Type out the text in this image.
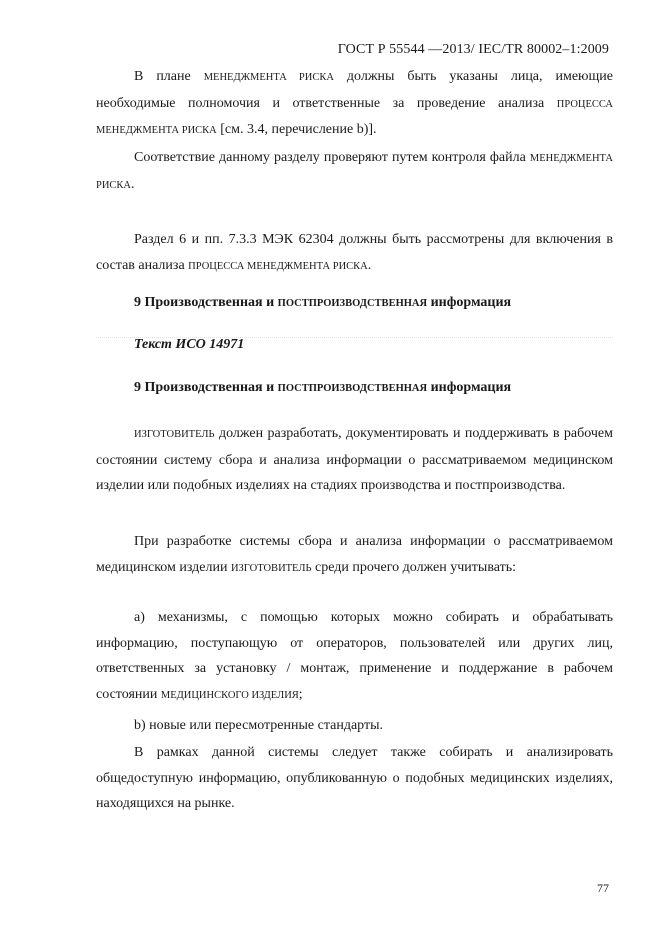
ГОСТ Р 55544 —2013/ IEC/TR 80002–1:2009

В плане МЕНЕДЖМЕНТА РИСКА должны быть указаны лица, имеющие необходимые полномочия и ответственные за проведение анализа ПРОЦЕССА МЕНЕДЖМЕНТА РИСКА [см. 3.4, перечисление b)].

Соответствие данному разделу проверяют путем контроля файла МЕНЕДЖМЕНТА РИСКА.

Раздел 6 и пп. 7.3.3 МЭК 62304 должны быть рассмотрены для включения в состав анализа ПРОЦЕССА МЕНЕДЖМЕНТА РИСКА.

9 Производственная и ПОСТПРОИЗВОДСТВЕННАЯ информация

Текст ИСО 14971

9 Производственная и ПОСТПРОИЗВОДСТВЕННАЯ информация

ИЗГОТОВИТЕЛЬ должен разработать, документировать и поддерживать в рабочем состоянии систему сбора и анализа информации о рассматриваемом медицинском изделии или подобных изделиях на стадиях производства и постпроизводства.

При разработке системы сбора и анализа информации о рассматриваемом медицинском изделии ИЗГОТОВИТЕЛЬ среди прочего должен учитывать:

a) механизмы, с помощью которых можно собирать и обрабатывать информацию, поступающую от операторов, пользователей или других лиц, ответственных за установку / монтаж, применение и поддержание в рабочем состоянии МЕДИЦИНСКОГО ИЗДЕЛИЯ;

b) новые или пересмотренные стандарты.

В рамках данной системы следует также собирать и анализировать общедоступную информацию, опубликованную о подобных медицинских изделиях, находящихся на рынке.

77
